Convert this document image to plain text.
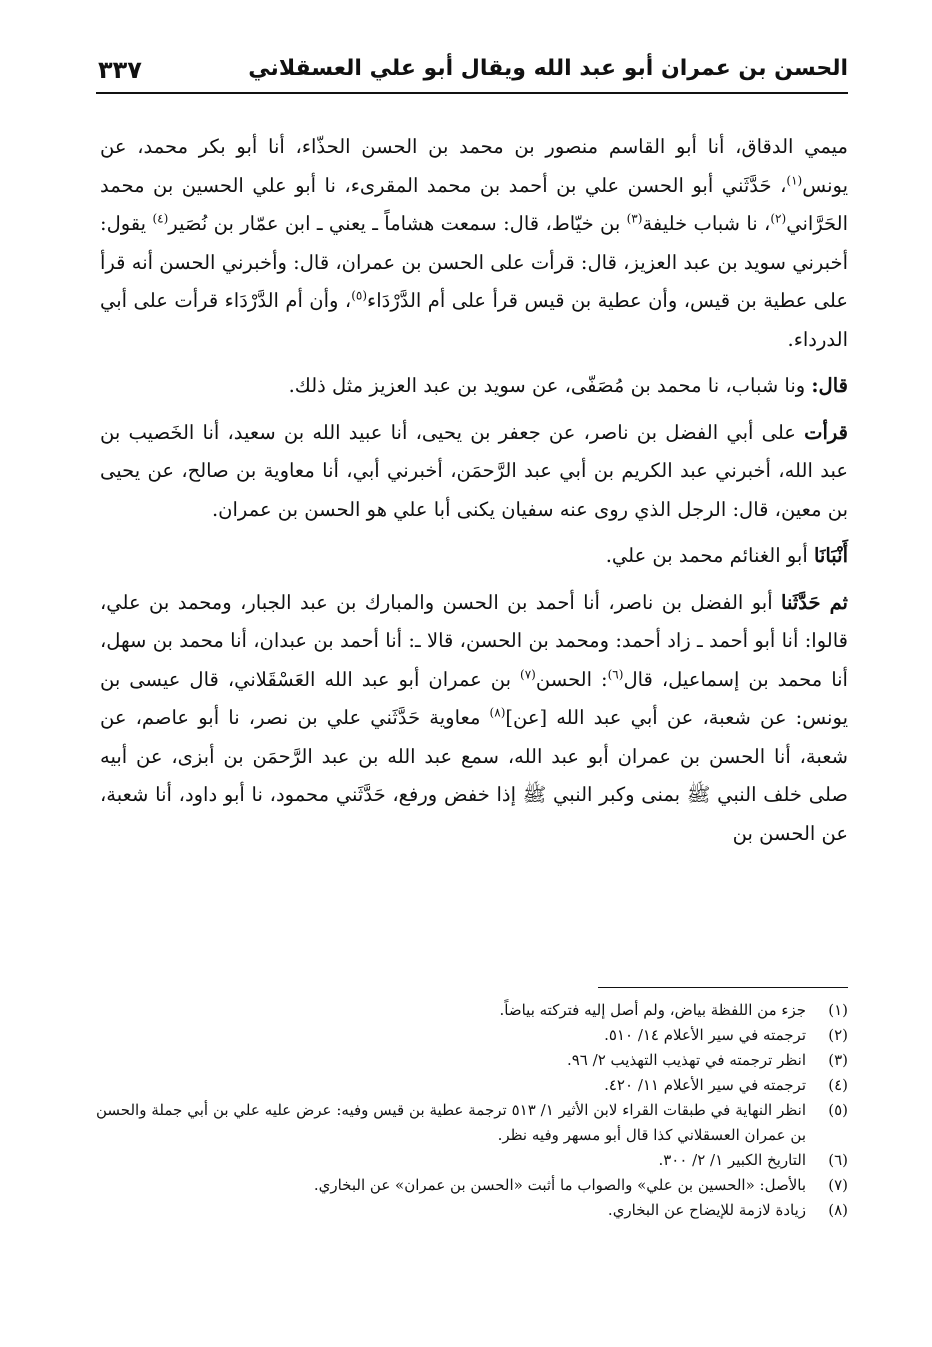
الحسن بن عمران أبو عبد الله ويقال أبو علي العسقلاني
٣٣٧

ميمي الدقاق، أنا أبو القاسم منصور بن محمد بن الحسن الحذّاء، أنا أبو بكر محمد، عن يونس$^{(١)}$، حَدَّثَني أبو الحسن علي بن أحمد بن محمد المقرىء، نا أبو علي الحسين بن محمد الحَرَّاني$^{(٢)}$، نا شباب خليفة$^{(٣)}$ بن خيّاط، قال: سمعت هشاماً ـ يعني ـ ابن عمّار بن نُصَير$^{(٤)}$ يقول: أخبرني سويد بن عبد العزيز، قال: قرأت على الحسن بن عمران، قال: وأخبرني الحسن أنه قرأ على عطية بن قيس، وأن عطية بن قيس قرأ على أم الدَّرْدَاء$^{(٥)}$، وأن أم الدَّرْدَاء قرأت على أبي الدرداء.

قال: ونا شباب، نا محمد بن مُصَفّى، عن سويد بن عبد العزيز مثل ذلك.

قرأت على أبي الفضل بن ناصر، عن جعفر بن يحيى، أنا عبيد الله بن سعيد، أنا الخَصيب بن عبد الله، أخبرني عبد الكريم بن أبي عبد الرَّحمَن، أخبرني أبي، أنا معاوية بن صالح، عن يحيى بن معين، قال: الرجل الذي روى عنه سفيان يكنى أبا علي هو الحسن بن عمران.

أَنْبَانَا أبو الغنائم محمد بن علي.

ثم حَدَّثَنا أبو الفضل بن ناصر، أنا أحمد بن الحسن والمبارك بن عبد الجبار، ومحمد بن علي، قالوا: أنا أبو أحمد ـ زاد أحمد: ومحمد بن الحسن، قالا ـ: أنا أحمد بن عبدان، أنا محمد بن سهل، أنا محمد بن إسماعيل، قال$^{(٦)}$: الحسن$^{(٧)}$ بن عمران أبو عبد الله العَسْقَلاني، قال عيسى بن يونس: عن شعبة، عن أبي عبد الله [عن]$^{(٨)}$ معاوية حَدَّثَني علي بن نصر، نا أبو عاصم، عن شعبة، أنا الحسن بن عمران أبو عبد الله، سمع عبد الله بن عبد الرَّحمَن بن أبزى، عن أبيه صلى خلف النبي ﷺ بمنى وكبر النبي ﷺ إذا خفض ورفع، حَدَّثَني محمود، نا أبو داود، أنا شعبة، عن الحسن بن

(١)
جزء من اللفظة بياض، ولم أصل إليه فتركته بياضاً.
(٢)
ترجمته في سير الأعلام ١٤/ ٥١٠.
(٣)
انظر ترجمته في تهذيب التهذيب ٢/ ٩٦.
(٤)
ترجمته في سير الأعلام ١١/ ٤٢٠.
(٥)
انظر النهاية في طبقات القراء لابن الأثير ١/ ٥١٣ ترجمة عطية بن قيس وفيه: عرض عليه علي بن أبي جملة والحسن بن عمران العسقلاني كذا قال أبو مسهر وفيه نظر.
(٦)
التاريخ الكبير ١/ ٢/ ٣٠٠.
(٧)
بالأصل: «الحسين بن علي» والصواب ما أثبت «الحسن بن عمران» عن البخاري.
(٨)
زيادة لازمة للإيضاح عن البخاري.
